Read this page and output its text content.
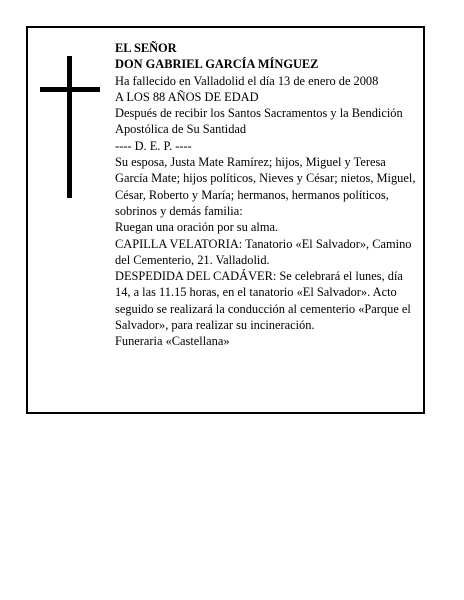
EL SEÑOR

DON GABRIEL GARCÍA MÍNGUEZ

Ha fallecido en Valladolid el día 13 de enero de 2008

A LOS 88 AÑOS DE EDAD

Después de recibir los Santos Sacramentos y la Bendición Apostólica de Su Santidad

---- D. E. P. ----

Su esposa, Justa Mate Ramírez; hijos, Miguel y Teresa García Mate; hijos políticos, Nieves y César; nietos, Miguel, César, Roberto y María; hermanos, hermanos políticos, sobrinos y demás familia:

Ruegan una oración por su alma.

CAPILLA VELATORIA: Tanatorio «El Salvador», Camino del Cementerio, 21. Valladolid.

DESPEDIDA DEL CADÁVER: Se celebrará el lunes, día 14, a las 11.15 horas, en el tanatorio «El Salvador». Acto seguido se realizará la conducción al cementerio «Parque el Salvador», para realizar su incineración.

Funeraria «Castellana»
